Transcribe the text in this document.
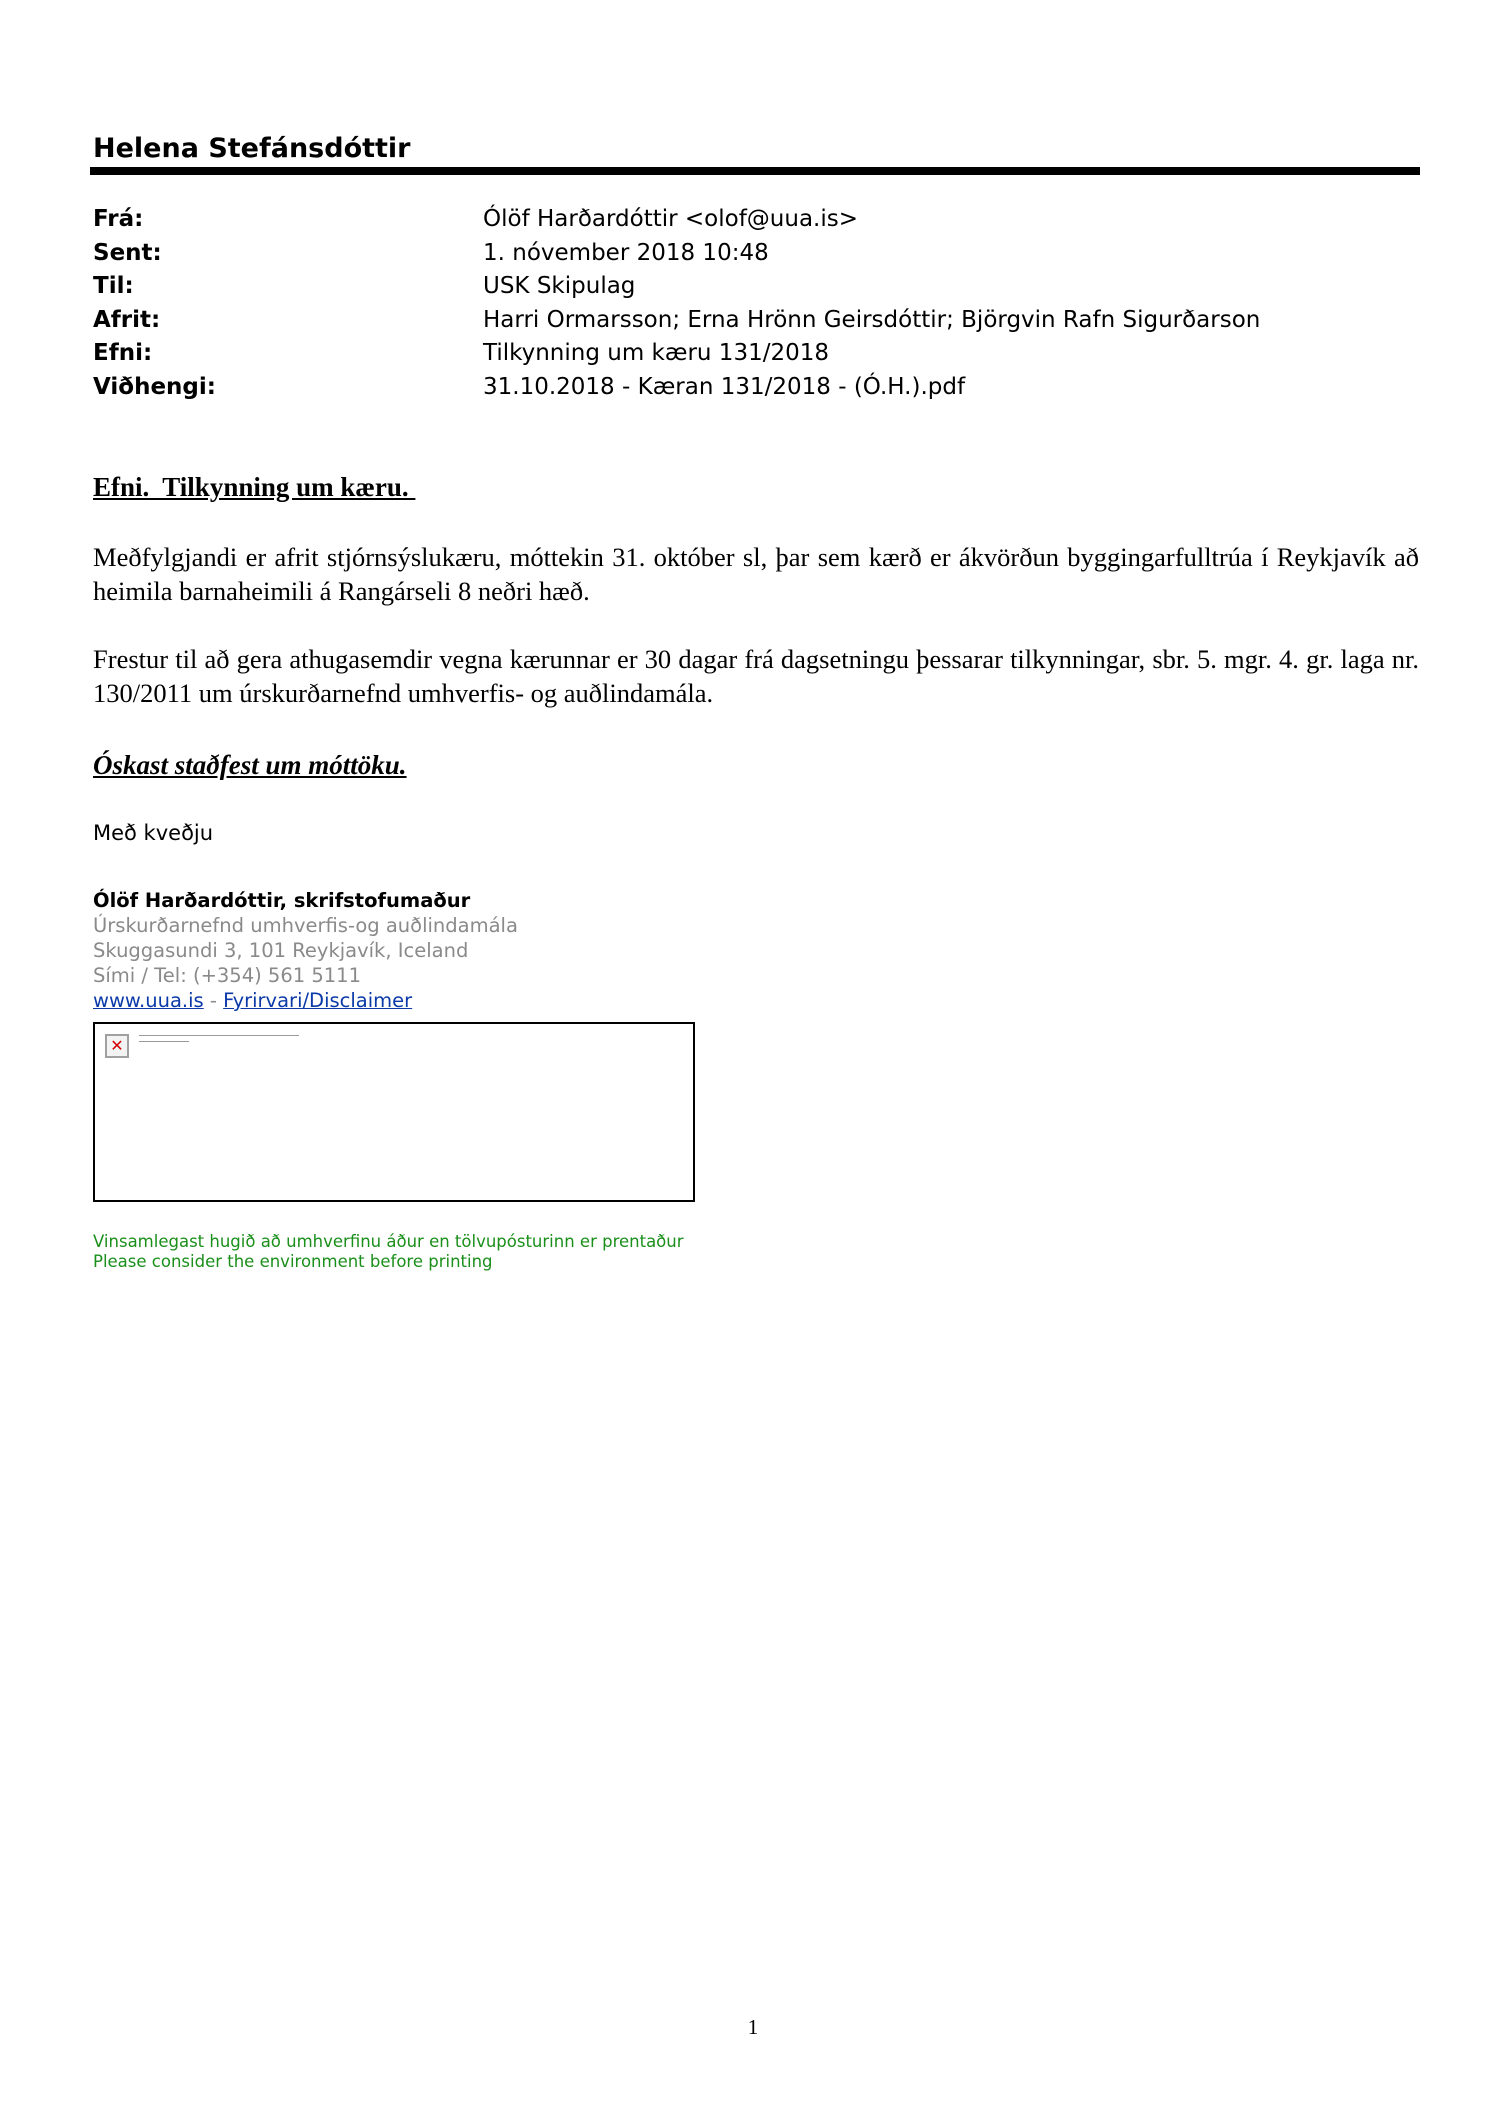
Helena Stefánsdóttir
Frá:	Ólöf Harðardóttir <olof@uua.is>
Sent:	1. nóvember 2018 10:48
Til:	USK Skipulag
Afrit:	Harri Ormarsson; Erna Hrönn Geirsdóttir; Björgvin Rafn Sigurðarson
Efni:	Tilkynning um kæru 131/2018
Viðhengi:	31.10.2018 - Kæran 131/2018 - (Ó.H.).pdf
Efni.  Tilkynning um kæru.
Meðfylgjandi er afrit stjórnsýslukæru, móttekin 31. október sl, þar sem kærð er ákvörðun byggingarfulltrúa í Reykjavík að heimila barnaheimili á Rangárseli 8 neðri hæð.
Frestur til að gera athugasemdir vegna kærunnar er 30 dagar frá dagsetningu þessarar tilkynningar, sbr. 5. mgr. 4. gr. laga nr. 130/2011 um úrskurðarnefnd umhverfis- og auðlindamála.
Óskast staðfest um móttöku.
Með kveðju
Ólöf Harðardóttir, skrifstofumaður
Úrskurðarnefnd umhverfis-og auðlindamála
Skuggasundi 3, 101 Reykjavík, Iceland
Sími / Tel: (+354) 561 5111
www.uua.is - Fyrirvari/Disclaimer
✕
Vinsamlegast hugið að umhverfinu áður en tölvupósturinn er prentaður
Please consider the environment before printing
1
